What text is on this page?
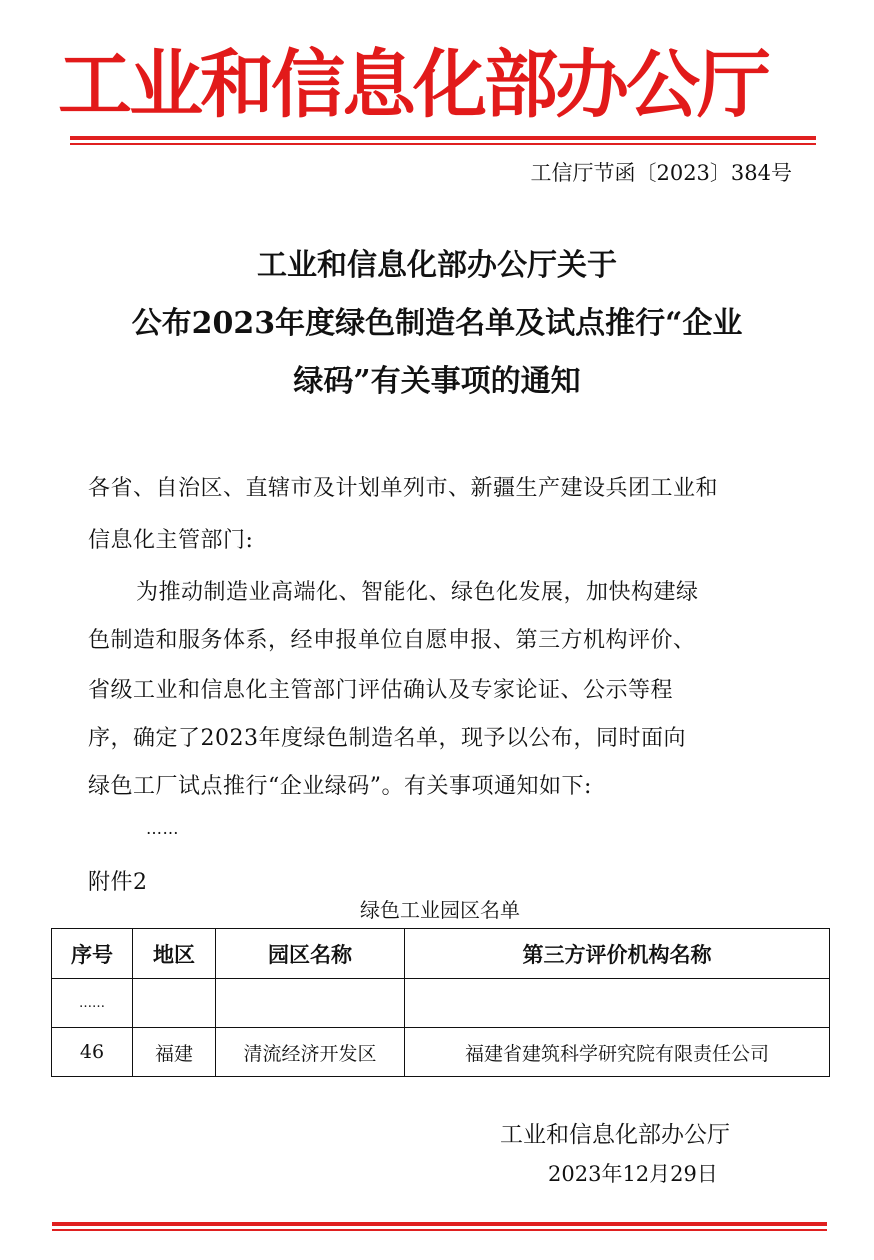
工业和信息化部办公厅
工信厅节函〔2023〕384号
工业和信息化部办公厅关于
公布2023年度绿色制造名单及试点推行“企业
绿码”有关事项的通知
各省、自治区、直辖市及计划单列市、新疆生产建设兵团工业和
信息化主管部门:
为推动制造业高端化、智能化、绿色化发展，加快构建绿
色制造和服务体系，经申报单位自愿申报、第三方机构评价、
省级工业和信息化主管部门评估确认及专家论证、公示等程
序，确定了2023年度绿色制造名单，现予以公布，同时面向
绿色工厂试点推行“企业绿码”。有关事项通知如下:
……
附件2
绿色工业园区名单
序号	地区	园区名称	第三方评价机构名称
……			
46	福建	清流经济开发区	福建省建筑科学研究院有限责任公司
工业和信息化部办公厅
2023年12月29日
